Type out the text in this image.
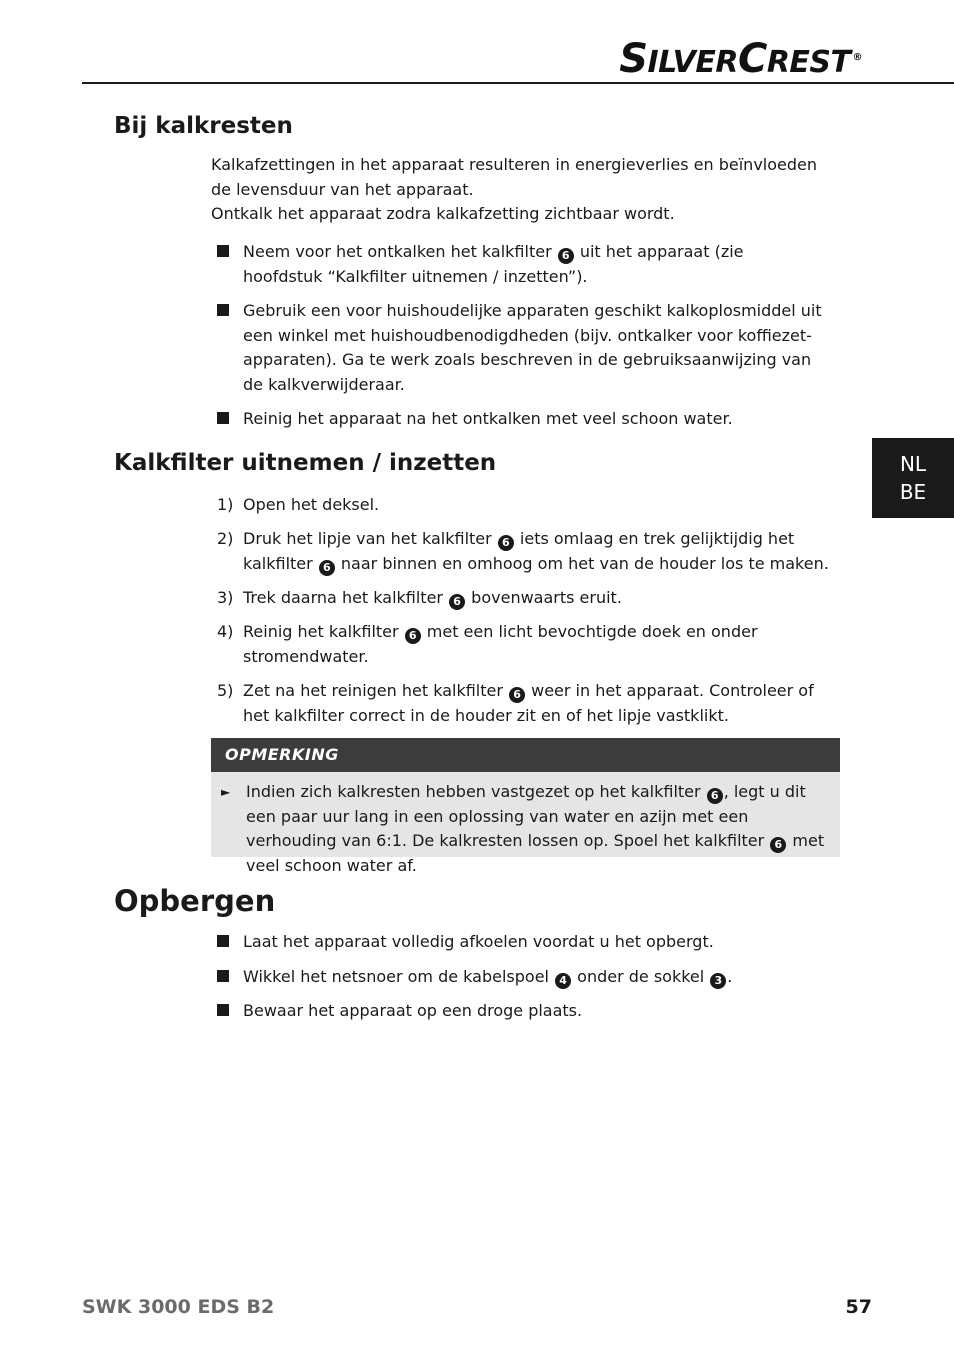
SILVERCREST ®
NL
BE
Bij kalkresten

Kalkafzettingen in het apparaat resulteren in energieverlies en beïnvloeden de levensduur van het apparaat.

Ontkalk het apparaat zodra kalkafzetting zichtbaar wordt.

Neem voor het ontkalken het kalkfilter 6 uit het apparaat (zie hoofdstuk “Kalkfilter uitnemen / inzetten”).
Gebruik een voor huishoudelijke apparaten geschikt kalkoplosmiddel uit een winkel met huishoudbenodigdheden (bijv. ontkalker voor koffiezetapparaten). Ga te werk zoals beschreven in de gebruiksaanwijzing van de kalkverwijderaar.
Reinig het apparaat na het ontkalken met veel schoon water.
Kalkfilter uitnemen / inzetten
1) Open het deksel.
2) Druk het lipje van het kalkfilter 6 iets omlaag en trek gelijktijdig het kalkfilter 6 naar binnen en omhoog om het van de houder los te maken.
3) Trek daarna het kalkfilter 6 bovenwaarts eruit.
4) Reinig het kalkfilter 6 met een licht bevochtigde doek en onder stromendwater.
5) Zet na het reinigen het kalkfilter 6 weer in het apparaat. Controleer of het kalkfilter correct in de houder zit en of het lipje vastklikt.
OPMERKING
► Indien zich kalkresten hebben vastgezet op het kalkfilter 6 , legt u dit een paar uur lang in een oplossing van water en azijn met een verhouding van 6:1. De kalkresten lossen op. Spoel het kalkfilter 6 met veel schoon water af.
Opbergen
Laat het apparaat volledig afkoelen voordat u het opbergt.
Wikkel het netsnoer om de kabelspoel 4 onder de sokkel 3 .
Bewaar het apparaat op een droge plaats.
SWK 3000 EDS B2	57
